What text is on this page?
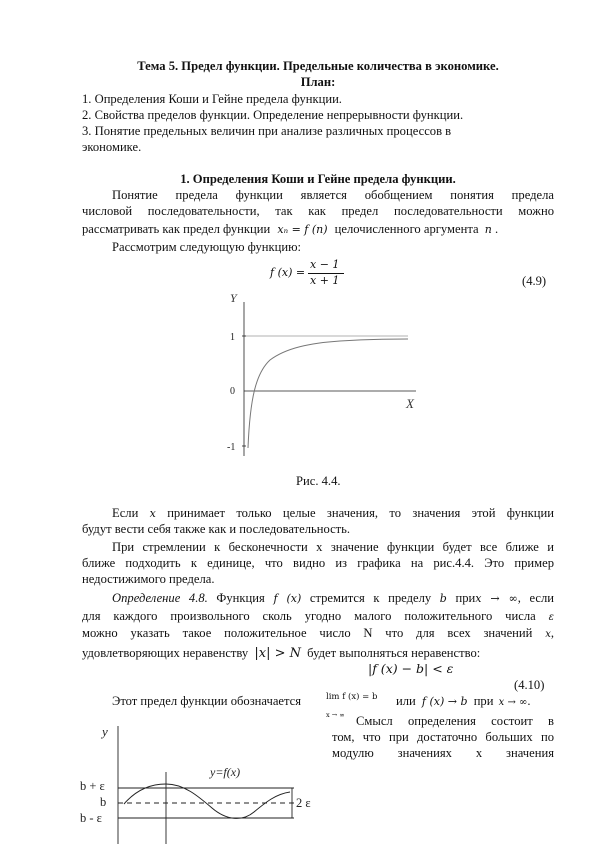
Тема 5. Предел функции. Предельные количества в экономике.
План:
1. Определения Коши и Гейне предела функции.
2. Свойства пределов функции. Определение непрерывности функции.
3. Понятие предельных величин при анализе различных процессов в
экономике.
1. Определения Коши и Гейне предела функции.
Понятие предела функции является обобщением понятия предела
числовой последовательности, так как предел последовательности можно
рассматривать как предел функции xₙ = f (n) целочисленного аргумента n .
Рассмотрим следующую функцию:
f (x) =
x − 1
x + 1	(4.9)
Y
X
1
0
-1
Рис. 4.4.
Если x принимает только целые значения, то значения этой функции
будут вести себя также как и последовательность.
При стремлении к бесконечности x значение функции будет все ближе и
ближе подходить к единице, что видно из графика на рис.4.4. Это пример
недостижимого предела.
Определение 4.8. Функция f (x) стремится к пределу b приx → ∞, если
для каждого произвольного сколь угодно малого положительного числа ε
можно указать такое положительное число N что для всех значений x,
удовлетворяющих неравенству |x| > N будет выполняться неравенство:
|f (x) − b| < ε
(4.10)
Этот предел функции обозначается	lim f (x) = b
x → ∞
или f (x) → b при x → ∞.
Смысл определения состоит в
том, что при достаточно больших по
модулю значениях x значения
y
y=f(x)
b + ε
b
b - ε
2 ε
